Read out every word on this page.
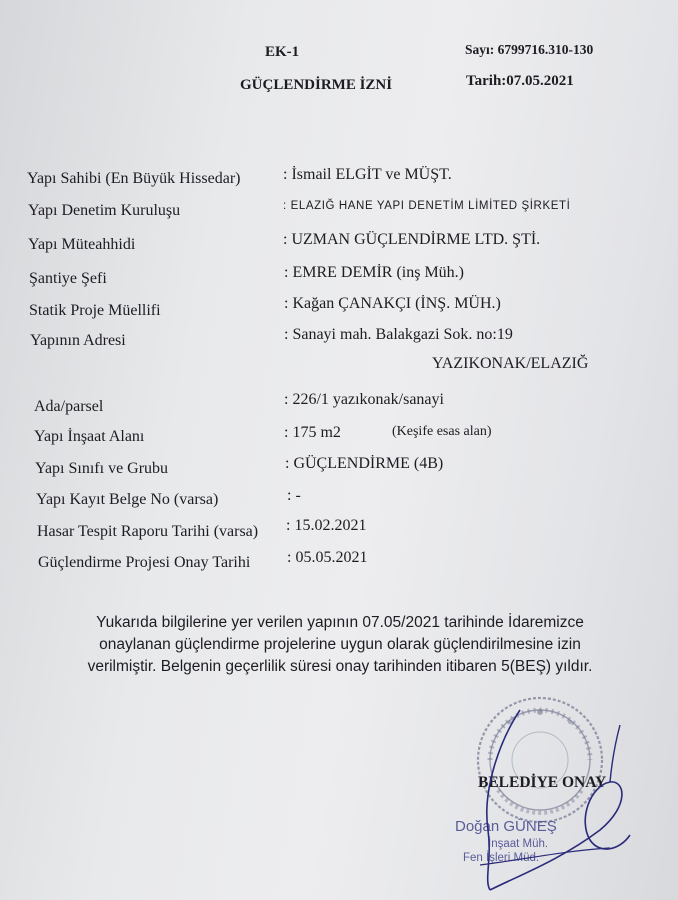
EK-1
GÜÇLENDİRME İZNİ
Sayı: 6799716.310-130
Tarih:07.05.2021
Yapı Sahibi (En Büyük Hissedar)
Yapı Denetim Kuruluşu
Yapı Müteahhidi
Şantiye Şefi
Statik Proje Müellifi
Yapının Adresi
Ada/parsel
Yapı İnşaat Alanı
Yapı Sınıfı ve Grubu
Yapı Kayıt Belge No (varsa)
Hasar Tespit Raporu Tarihi (varsa)
Güçlendirme Projesi Onay Tarihi
: İsmail ELGİT ve MÜŞT.
: ELAZIĞ HANE YAPI DENETİM LİMİTED ŞİRKETİ
: UZMAN GÜÇLENDİRME LTD. ŞTİ.
: EMRE DEMİR (inş Müh.)
: Kağan ÇANAKÇI (İNŞ. MÜH.)
: Sanayi mah. Balakgazi Sok. no:19
YAZIKONAK/ELAZIĞ
: 226/1 yazıkonak/sanayi
: 175 m2	(Keşife esas alan)
: GÜÇLENDİRME (4B)
: -
: 15.02.2021
: 05.05.2021
Yukarıda bilgilerine yer verilen yapının 07.05/2021 tarihinde İdaremizce
onaylanan güçlendirme projelerine uygun olarak güçlendirilmesine izin
verilmiştir. Belgenin geçerlilik süresi onay tarihinden itibaren 5(BEŞ) yıldır.
BELEDİYE ONAY
Doğan GÜNEŞ
İnşaat Müh.
Fen İşleri Müd.
